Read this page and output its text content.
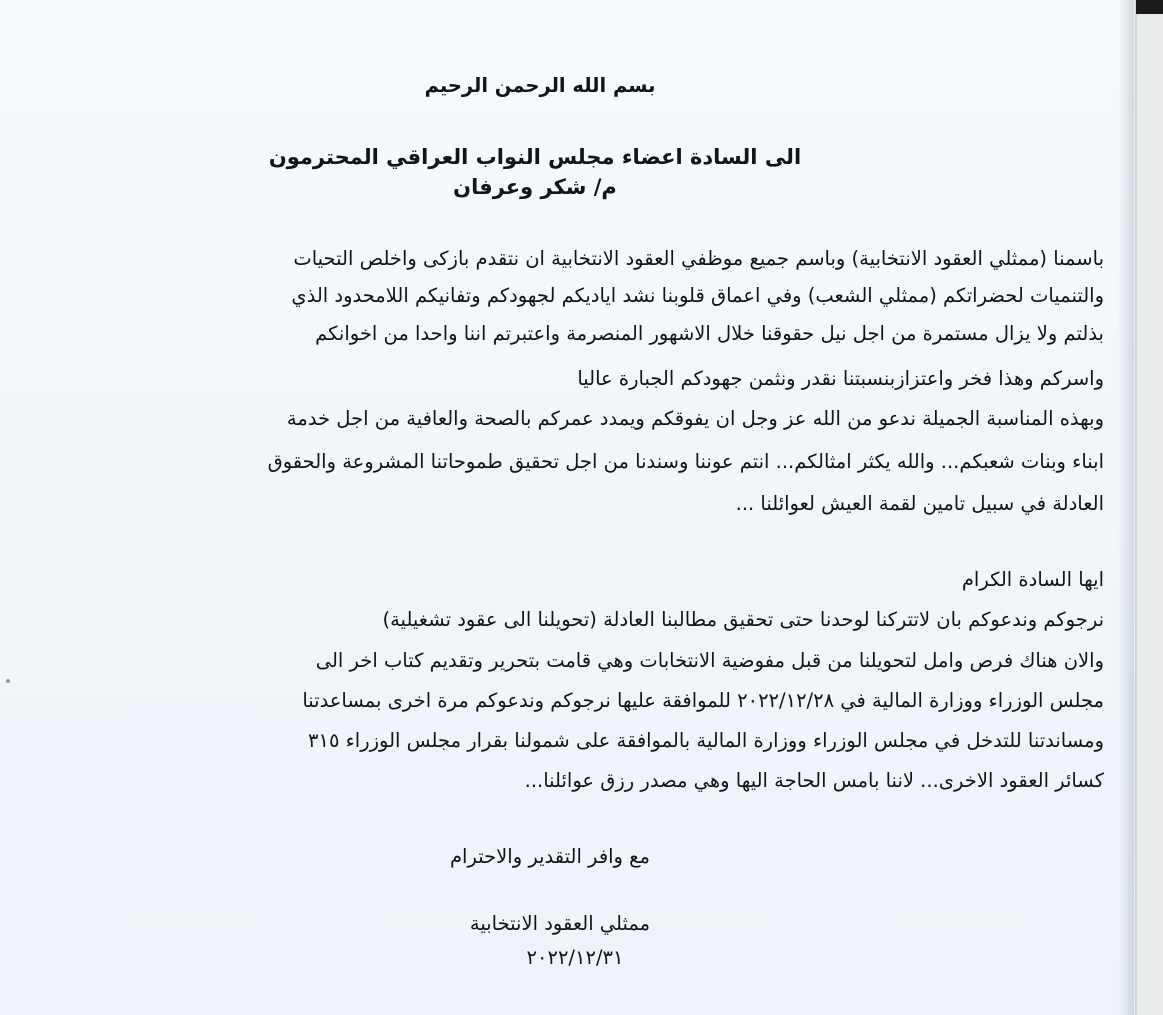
بسم الله الرحمن الرحيم
الى السادة اعضاء مجلس النواب العراقي المحترمون
م/ شكر وعرفان
باسمنا (ممثلي العقود الانتخابية) وباسم جميع موظفي العقود الانتخابية ان نتقدم بازكى واخلص التحيات
والتنميات لحضراتكم (ممثلي الشعب) وفي اعماق قلوبنا نشد اياديكم لجهودكم وتفانيكم اللامحدود الذي
بذلتم ولا يزال مستمرة من اجل نيل حقوقنا خلال الاشهور المنصرمة واعتبرتم اننا واحدا من اخوانكم
واسركم وهذا فخر واعتزازبنسبتنا نقدر ونثمن جهودكم الجبارة عاليا
وبهذه المناسبة الجميلة ندعو من الله عز وجل ان يفوقكم ويمدد عمركم بالصحة والعافية من اجل خدمة
ابناء وبنات شعبكم... والله يكثر امثالكم... انتم عوننا وسندنا من اجل تحقيق طموحاتنا المشروعة والحقوق
العادلة في سبيل تامين لقمة العيش لعوائلنا ...
ايها السادة الكرام
نرجوكم وندعوكم بان لاتتركنا لوحدنا حتى تحقيق مطالبنا العادلة (تحويلنا الى عقود تشغيلية)
والان هناك فرص وامل لتحويلنا من قبل مفوضية الانتخابات وهي قامت بتحرير وتقديم كتاب اخر الى
مجلس الوزراء ووزارة المالية في ٢٠٢٢/١٢/٢٨ للموافقة عليها نرجوكم وندعوكم مرة اخرى بمساعدتنا
ومساندتنا للتدخل في مجلس الوزراء ووزارة المالية بالموافقة على شمولنا بقرار مجلس الوزراء ٣١٥
كسائر العقود الاخرى... لاننا بامس الحاجة اليها وهي مصدر رزق عوائلنا...
مع وافر التقدير والاحترام
ممثلي العقود الانتخابية
٢٠٢٢/١٢/٣١
